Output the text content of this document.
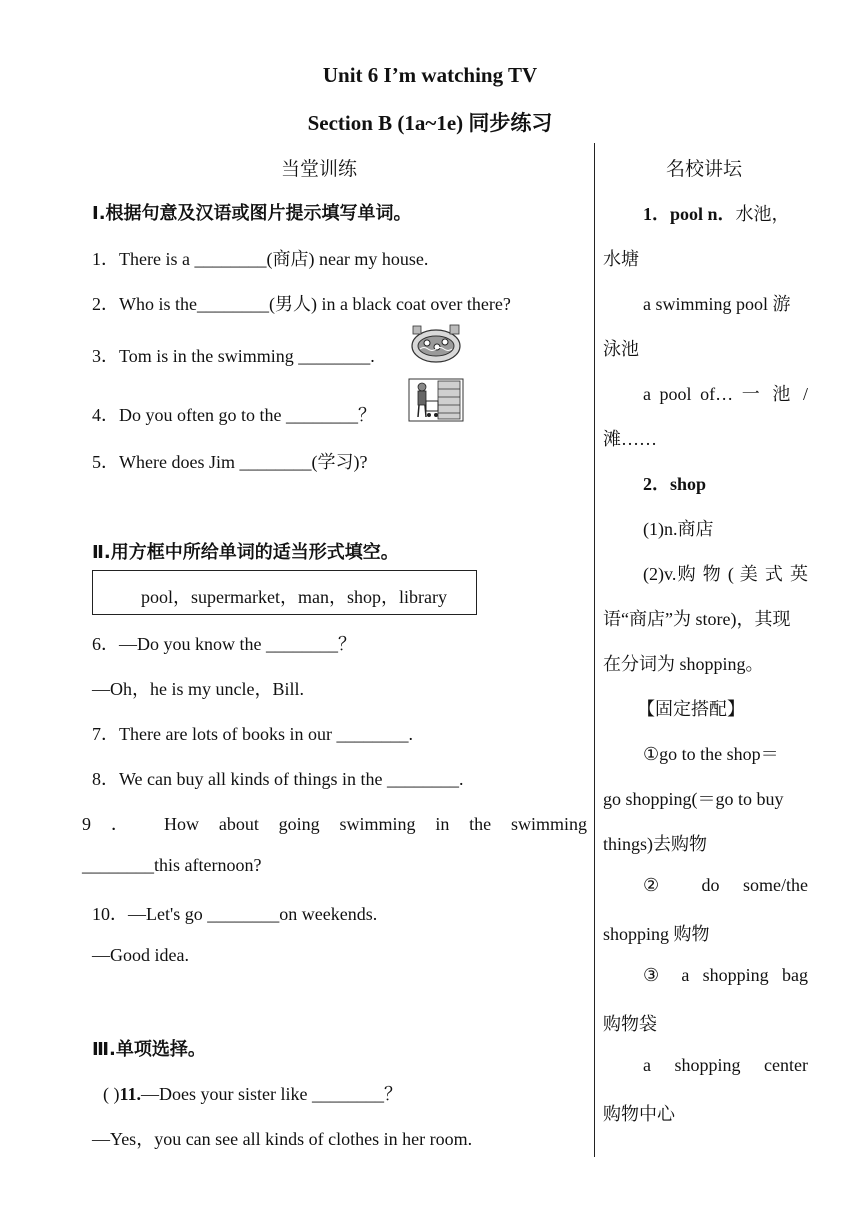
Unit 6 I’m watching TV
Section B (1a~1e) 同步练习
当堂训练
Ⅰ.根据句意及汉语或图片提示填写单词。
1．There is a ________(商店) near my house.
2．Who is the________(男人) in a black coat over there?
3．Tom is in the swimming ________.
4．Do you often go to the ________？
5．Where does Jim ________(学习)?
Ⅱ.用方框中所给单词的适当形式填空。
pool，supermarket，man，shop，library
6．—Do you know the ________？
—Oh，he is my uncle，Bill.
7．There are lots of books in our ________.
8．We can buy all kinds of things in the ________.
9 ． How about going swimming in the swimming
________this afternoon?
10．—Let's go ________on weekends.
—Good idea.
Ⅲ.单项选择。
( )11.—Does your sister like ________？
—Yes，you can see all kinds of clothes in her room.
名校讲坛
1．pool n．水池，
水塘
a swimming pool 游
泳池
a pool of… 一 池 /
滩……
2．shop
(1)n.商店
(2)v.购 物 ( 美 式 英
语“商店”为 store)，其现
在分词为 shopping。
【固定搭配】
①go to the shop＝
go shopping(＝go to buy
things)去购物
② do some/the
shopping 购物
③ a shopping bag
购物袋
a shopping center
购物中心
